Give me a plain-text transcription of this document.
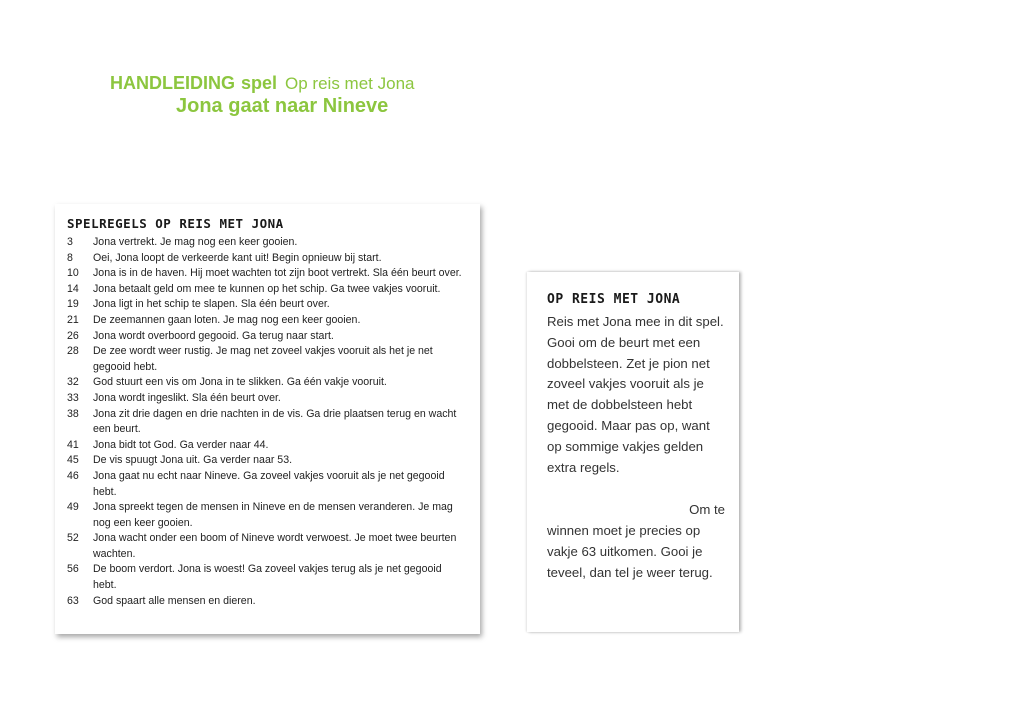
HANDLEIDING spel Op reis met Jona
Jona gaat naar Nineve
SPELREGELS OP REIS MET JONA
3	Jona vertrekt. Je mag nog een keer gooien.
8	Oei, Jona loopt de verkeerde kant uit! Begin opnieuw bij start.
10	Jona is in de haven. Hij moet wachten tot zijn boot vertrekt. Sla één beurt over.
14	Jona betaalt geld om mee te kunnen op het schip. Ga twee vakjes vooruit.
19	Jona ligt in het schip te slapen. Sla één beurt over.
21	De zeemannen gaan loten. Je mag nog een keer gooien.
26	Jona wordt overboord gegooid. Ga terug naar start.
28	De zee wordt weer rustig. Je mag net zoveel vakjes vooruit als het je net gegooid hebt.
32	God stuurt een vis om Jona in te slikken. Ga één vakje vooruit.
33	Jona wordt ingeslikt. Sla één beurt over.
38	Jona zit drie dagen en drie nachten in de vis. Ga drie plaatsen terug en wacht een beurt.
41	Jona bidt tot God. Ga verder naar 44.
45	De vis spuugt Jona uit. Ga verder naar 53.
46	Jona gaat nu echt naar Nineve. Ga zoveel vakjes vooruit als je net gegooid hebt.
49	Jona spreekt tegen de mensen in Nineve en de mensen veranderen. Je mag nog een keer gooien.
52	Jona wacht onder een boom of Nineve wordt verwoest. Je moet twee beurten wachten.
56	De boom verdort. Jona is woest! Ga zoveel vakjes terug als je net gegooid hebt.
63	God spaart alle mensen en dieren.
OP REIS MET JONA

Reis met Jona mee in dit spel. Gooi om de beurt met een dobbelsteen. Zet je pion net zoveel vakjes vooruit als je met de dobbelsteen hebt gegooid. Maar pas op, want op sommige vakjes gelden extra regels.

Om te

winnen moet je precies op vakje 63 uitkomen. Gooi je teveel, dan tel je weer terug.
